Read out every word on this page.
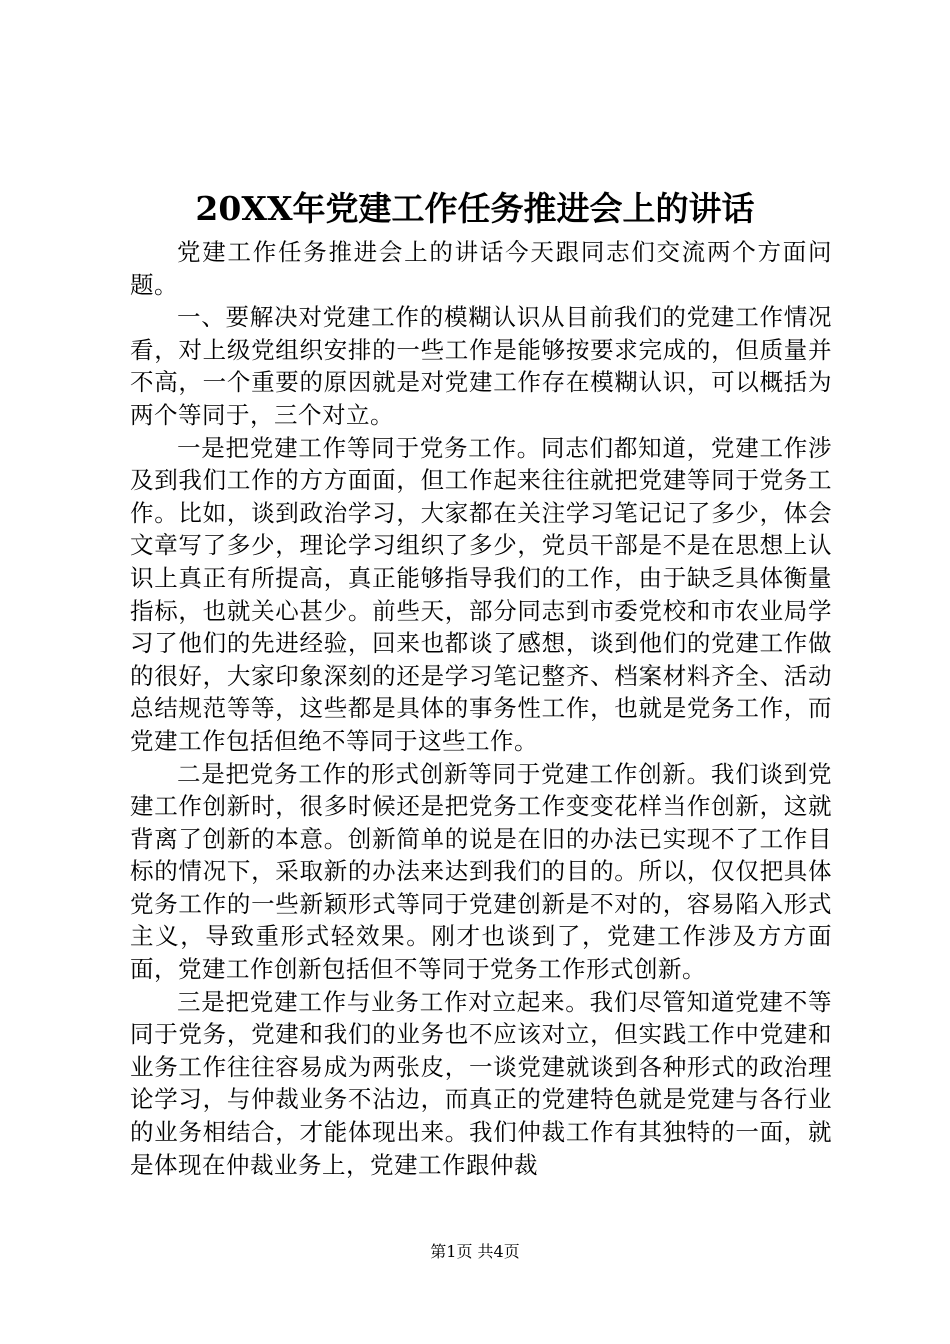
20XX年党建工作任务推进会上的讲话

党建工作任务推进会上的讲话今天跟同志们交流两个方面问题。

一、要解决对党建工作的模糊认识从目前我们的党建工作情况看，对上级党组织安排的一些工作是能够按要求完成的，但质量并不高，一个重要的原因就是对党建工作存在模糊认识，可以概括为两个等同于，三个对立。

一是把党建工作等同于党务工作。同志们都知道，党建工作涉及到我们工作的方方面面，但工作起来往往就把党建等同于党务工作。比如，谈到政治学习，大家都在关注学习笔记记了多少，体会文章写了多少，理论学习组织了多少，党员干部是不是在思想上认识上真正有所提高，真正能够指导我们的工作，由于缺乏具体衡量指标，也就关心甚少。前些天，部分同志到市委党校和市农业局学习了他们的先进经验，回来也都谈了感想，谈到他们的党建工作做的很好，大家印象深刻的还是学习笔记整齐、档案材料齐全、活动总结规范等等，这些都是具体的事务性工作，也就是党务工作，而党建工作包括但绝不等同于这些工作。

二是把党务工作的形式创新等同于党建工作创新。我们谈到党建工作创新时，很多时候还是把党务工作变变花样当作创新，这就背离了创新的本意。创新简单的说是在旧的办法已实现不了工作目标的情况下，采取新的办法来达到我们的目的。所以，仅仅把具体党务工作的一些新颖形式等同于党建创新是不对的，容易陷入形式主义，导致重形式轻效果。刚才也谈到了，党建工作涉及方方面面，党建工作创新包括但不等同于党务工作形式创新。

三是把党建工作与业务工作对立起来。我们尽管知道党建不等同于党务，党建和我们的业务也不应该对立，但实践工作中党建和业务工作往往容易成为两张皮，一谈党建就谈到各种形式的政治理论学习，与仲裁业务不沾边，而真正的党建特色就是党建与各行业的业务相结合，才能体现出来。我们仲裁工作有其独特的一面，就是体现在仲裁业务上，党建工作跟仲裁

第1页 共4页
